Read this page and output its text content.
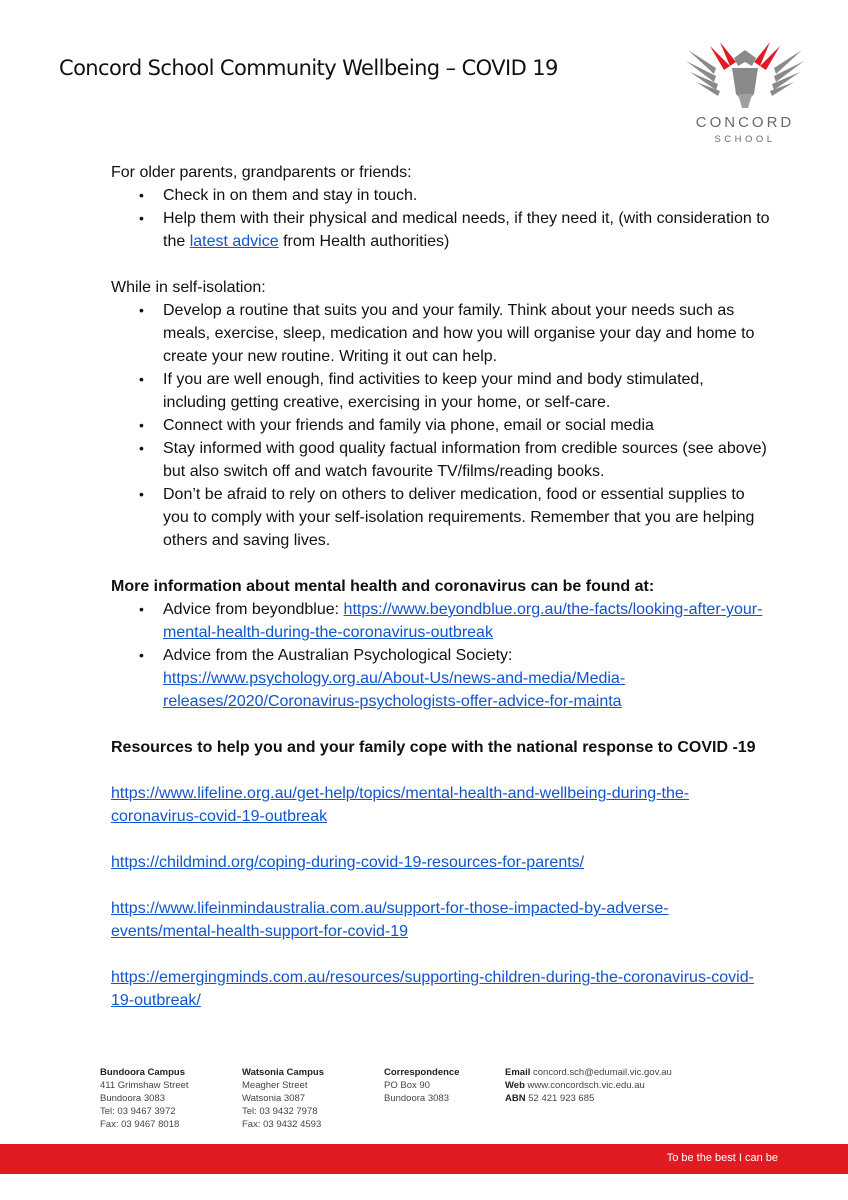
Concord School Community Wellbeing – COVID 19
CONCORD
SCHOOL

For older parents, grandparents or friends:

• Check in on them and stay in touch.
• Help them with their physical and medical needs, if they need it, (with consideration to the latest advice from Health authorities)

While in self-isolation:

• Develop a routine that suits you and your family. Think about your needs such as meals, exercise, sleep, medication and how you will organise your day and home to create your new routine. Writing it out can help.
• If you are well enough, find activities to keep your mind and body stimulated, including getting creative, exercising in your home, or self-care.
• Connect with your friends and family via phone, email or social media
• Stay informed with good quality factual information from credible sources (see above) but also switch off and watch favourite TV/films/reading books.
• Don’t be afraid to rely on others to deliver medication, food or essential supplies to you to comply with your self-isolation requirements. Remember that you are helping others and saving lives.

More information about mental health and coronavirus can be found at:

• Advice from beyondblue: https://www.beyondblue.org.au/the-facts/looking-after-your-mental-health-during-the-coronavirus-outbreak
• Advice from the Australian Psychological Society: https://www.psychology.org.au/About-Us/news-and-media/Media-releases/2020/Coronavirus-psychologists-offer-advice-for-mainta

Resources to help you and your family cope with the national response to COVID -19

https://www.lifeline.org.au/get-help/topics/mental-health-and-wellbeing-during-the-coronavirus-covid-19-outbreak

https://childmind.org/coping-during-covid-19-resources-for-parents/

https://www.lifeinmindaustralia.com.au/support-for-those-impacted-by-adverse-events/mental-health-support-for-covid-19

https://emergingminds.com.au/resources/supporting-children-during-the-coronavirus-covid-19-outbreak/

Bundoora Campus
411 Grimshaw Street
Bundoora 3083
Tel: 03 9467 3972
Fax: 03 9467 8018
Watsonia Campus
Meagher Street
Watsonia 3087
Tel: 03 9432 7978
Fax: 03 9432 4593
Correspondence
PO Box 90
Bundoora 3083
Email concord.sch@edumail.vic.gov.au
Web www.concordsch.vic.edu.au
ABN 52 421 923 685
To be the best I can be
